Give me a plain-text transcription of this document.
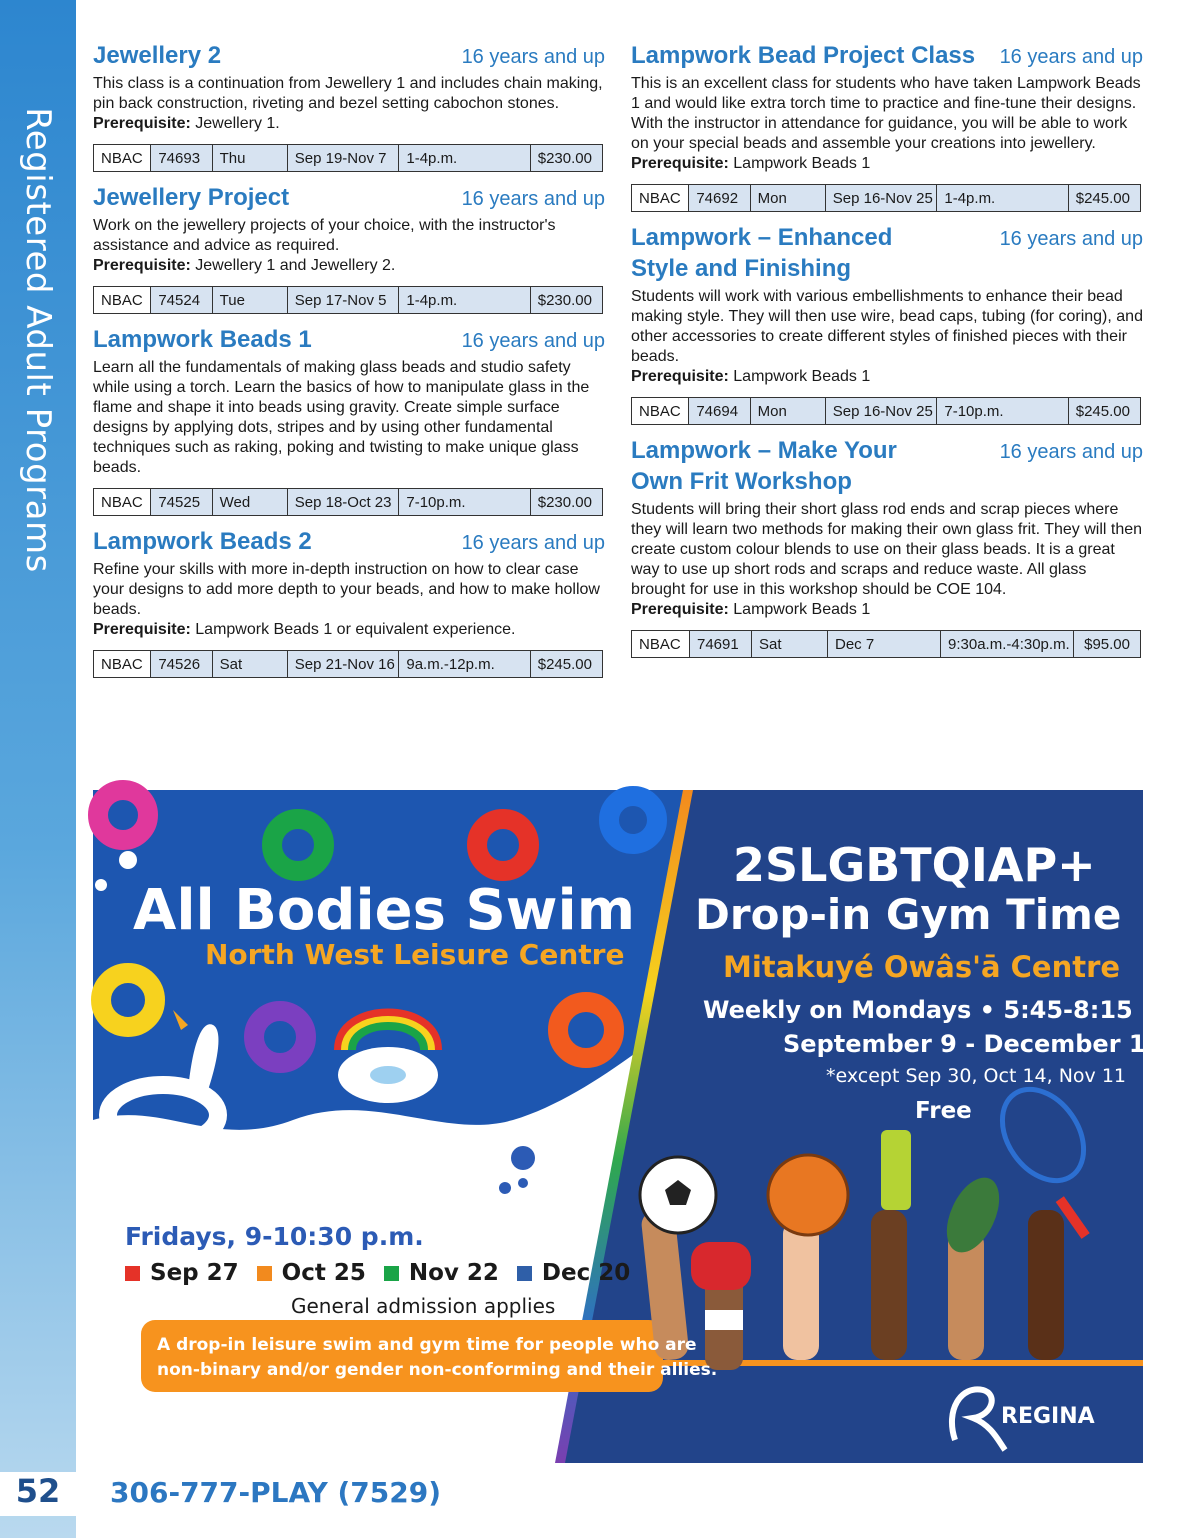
Registered Adult Programs
52	306-777-PLAY (7529)
Jewellery 2	16 years and up
This class is a continuation from Jewellery 1 and includes chain making, pin back construction, riveting and bezel setting cabochon stones.
Prerequisite: Jewellery 1.
NBAC	74693	Thu	Sep 19-Nov 7	1-4p.m.	$230.00
Jewellery Project	16 years and up
Work on the jewellery projects of your choice, with the instructor's assistance and advice as required.
Prerequisite: Jewellery 1 and Jewellery 2.
NBAC	74524	Tue	Sep 17-Nov 5	1-4p.m.	$230.00
Lampwork Beads 1	16 years and up
Learn all the fundamentals of making glass beads and studio safety while using a torch. Learn the basics of how to manipulate glass in the flame and shape it into beads using gravity. Create simple surface designs by applying dots, stripes and by using other fundamental techniques such as raking, poking and twisting to make unique glass beads.
NBAC	74525	Wed	Sep 18-Oct 23 7-10p.m.	$230.00
Lampwork Beads 2	16 years and up
Refine your skills with more in-depth instruction on how to clear case your designs to add more depth to your beads, and how to make hollow beads.
Prerequisite: Lampwork Beads 1 or equivalent experience.
NBAC	74526	Sat	Sep 21-Nov 16 9a.m.-12p.m.	$245.00
Lampwork Bead Project Class 16 years and up
This is an excellent class for students who have taken Lampwork Beads 1 and would like extra torch time to practice and fine-tune their designs. With the instructor in attendance for guidance, you will be able to work on your special beads and assemble your creations into jewellery.
Prerequisite: Lampwork Beads 1
NBAC	74692	Mon	Sep 16-Nov 25 1-4p.m.	$245.00
Lampwork – Enhanced Style and Finishing
16 years and up
Students will work with various embellishments to enhance their bead making style. They will then use wire, bead caps, tubing (for coring), and other accessories to create different styles of finished pieces with their beads.
Prerequisite: Lampwork Beads 1
NBAC	74694	Mon	Sep 16-Nov 25 7-10p.m.	$245.00
Lampwork – Make Your Own Frit Workshop
16 years and up
Students will bring their short glass rod ends and scrap pieces where they will learn two methods for making their own glass frit. They will then create custom colour blends to use on their glass beads. It is a great way to use up short rods and scraps and reduce waste. All glass brought for use in this workshop should be COE 104.
Prerequisite: Lampwork Beads 1
NBAC	74691	Sat	Dec 7	9:30a.m.-4:30p.m. $95.00
All Bodies Swim
North West Leisure Centre
2SLGBTQIAP+
Drop-in Gym Time
Mitakuyé Owâs'ā Centre
Weekly on Mondays • 5:45-8:15 p.m.
September 9 - December 16*
*except Sep 30, Oct 14, Nov 11
Free
Fridays, 9-10:30 p.m.
Sep 27 Oct 25 Nov 22 Dec 20
General admission applies
A drop-in leisure swim and gym time for people who are
non-binary and/or gender non-conforming and their allies.
Regina.ca/inclusiveprograms	REGINA
